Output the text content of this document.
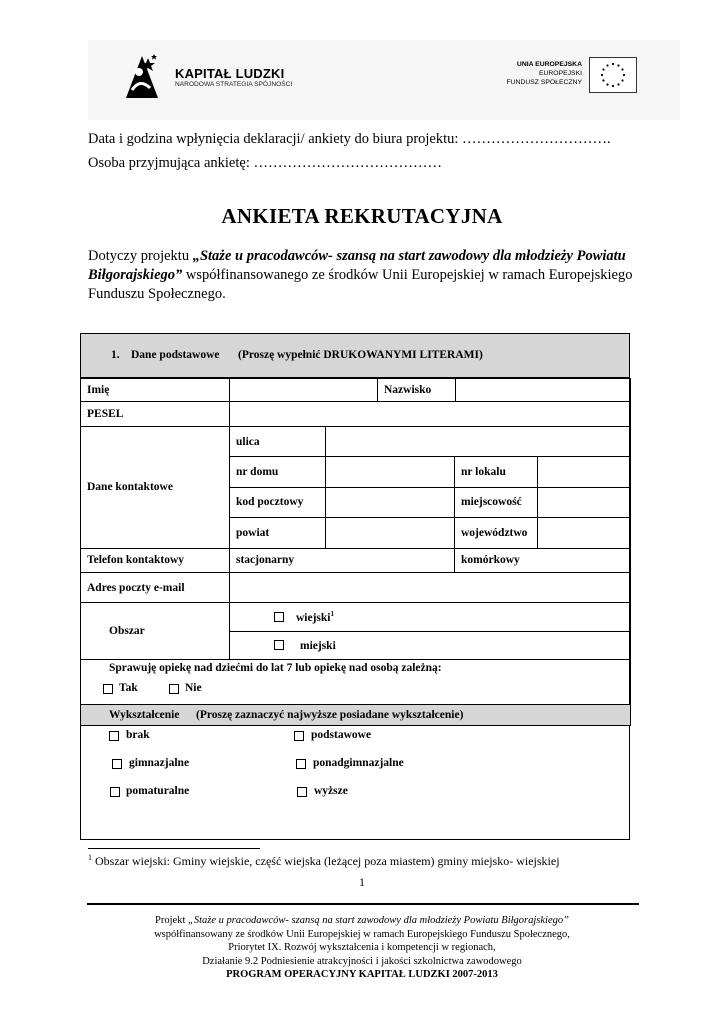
KAPITAŁ LUDZKI
NARODOWA STRATEGIA SPÓJNOŚCI
UNIA EUROPEJSKA
EUROPEJSKI
FUNDUSZ SPOŁECZNY
Data i godzina wpłynięcia deklaracji/ ankiety do biura projektu: ………………………….
Osoba przyjmująca ankietę: …………………………………
ANKIETA REKRUTACYJNA
Dotyczy projektu „Staże u pracodawców- szansą na start zawodowy dla młodzieży Powiatu Biłgorajskiego” współfinansowanego ze środków Unii Europejskiej w ramach Europejskiego Funduszu Społecznego.
1. Dane podstawowe (Proszę wypełnić DRUKOWANYMI LITERAMI)
Imię	Nazwisko
PESEL
Dane kontaktowe
ulica
nr domu	nr lokalu
kod pocztowy	miejscowość
powiat	województwo
Telefon kontaktowy	stacjonarny	komórkowy
Adres poczty e-mail
Obszar
wiejski$^1$
miejski
Sprawuję opiekę nad dziećmi do lat 7 lub opiekę nad osobą zależną:
Tak	Nie
Wykształcenie (Proszę zaznaczyć najwyższe posiadane wykształcenie)
brak	podstawowe
gimnazjalne	ponadgimnazjalne
pomaturalne	wyższe
$^1$ Obszar wiejski: Gminy wiejskie, część wiejska (leżącej poza miastem) gminy miejsko- wiejskiej
1
Projekt „Staże u pracodawców- szansą na start zawodowy dla młodzieży Powiatu Biłgorajskiego”
współfinansowany ze środków Unii Europejskiej w ramach Europejskiego Funduszu Społecznego,
Priorytet IX. Rozwój wykształcenia i kompetencji w regionach,
Działanie 9.2 Podniesienie atrakcyjności i jakości szkolnictwa zawodowego
PROGRAM OPERACYJNY KAPITAŁ LUDZKI 2007-2013
